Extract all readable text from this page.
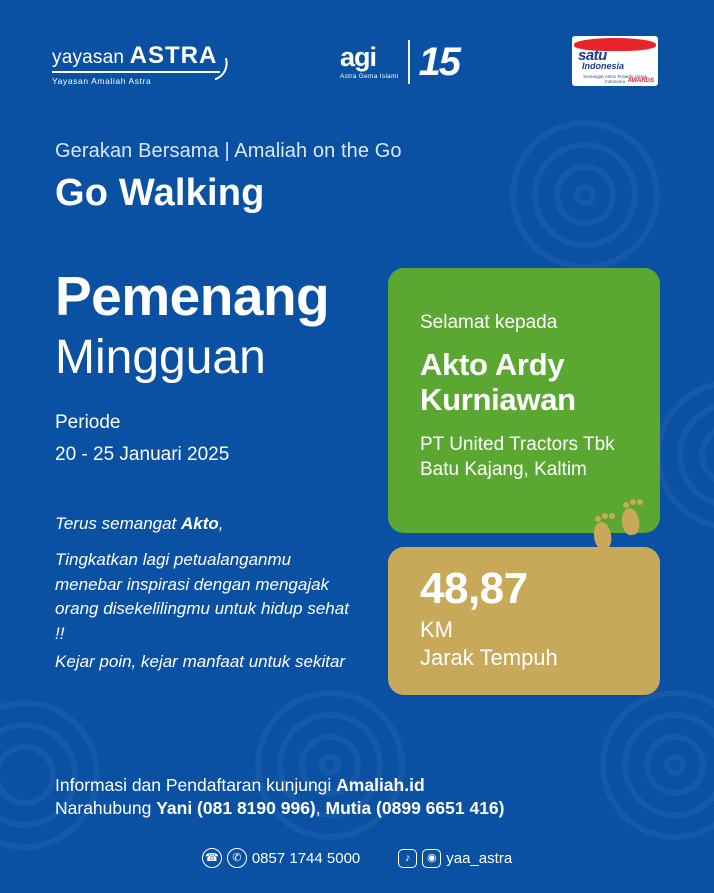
yayasan ASTRA
Yayasan Amaliah Astra
agi
Astra Gema Islami 15	satu
Indonesia
Semangat Astra Terpadu Untuk Indonesia AWARDS
Gerakan Bersama | Amaliah on the Go
Go Walking
Pemenang
Mingguan
Periode
20 - 25 Januari 2025
Terus semangat Akto,
Tingkatkan lagi petualanganmu menebar inspirasi dengan mengajak orang disekelilingmu untuk hidup sehat !!
Kejar poin, kejar manfaat untuk sekitar
Selamat kepada
Akto Ardy Kurniawan
PT United Tractors Tbk
Batu Kajang, Kaltim
48,87
KM
Jarak Tempuh
Informasi dan Pendaftaran kunjungi Amaliah.id
Narahubung Yani (081 8190 996), Mutia (0899 6651 416)
☎	✆ 0857 1744 5000	♪	◉ yaa_astra
